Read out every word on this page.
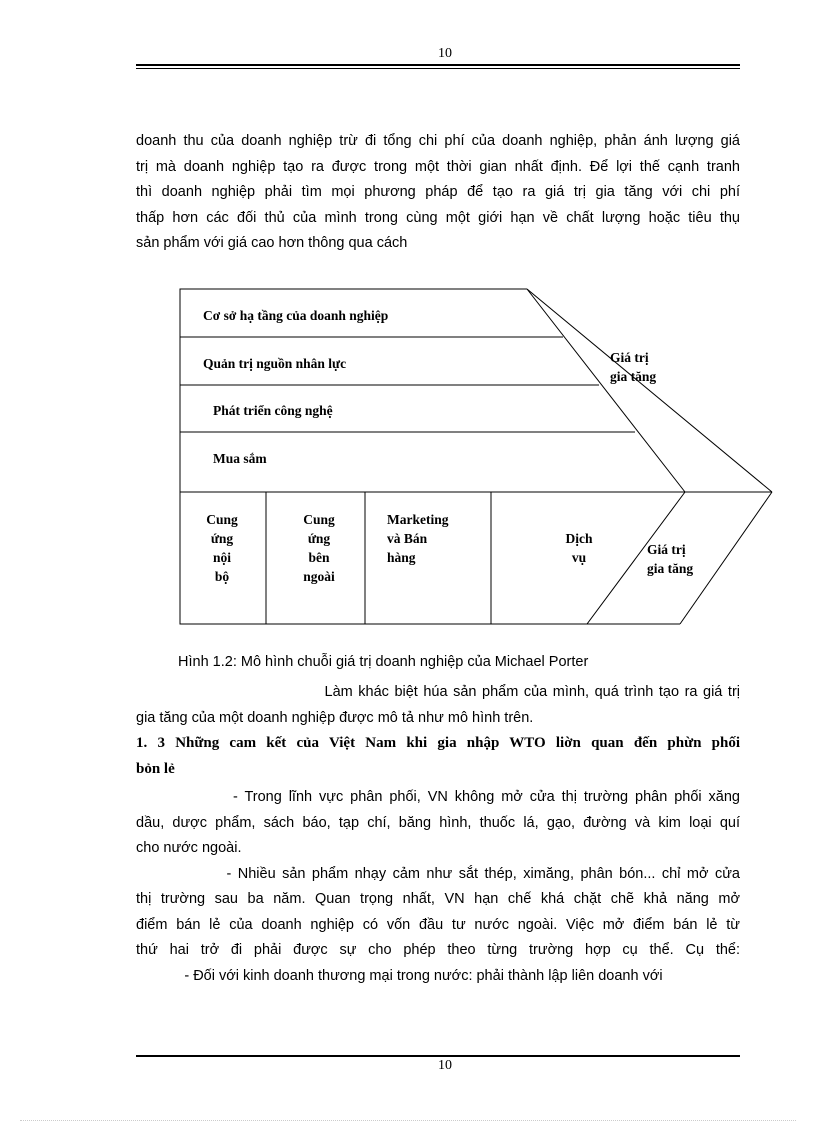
10
doanh thu của doanh nghiệp trừ đi tổng chi phí của doanh nghiệp, phản ánh lượng giá
trị mà doanh nghiệp tạo ra được trong một thời gian nhất định. Để lợi thế cạnh tranh
thì doanh nghiệp phải tìm mọi phương pháp để tạo ra giá trị gia tăng với chi phí
thấp hơn các đối thủ của mình trong cùng một giới hạn về chất lượng hoặc tiêu thụ
sản phẩm với giá cao hơn thông qua cách
Cơ sở hạ tầng của doanh nghiệp
Quản trị nguồn nhân lực
Phát triển công nghệ
Mua sắm
Giá trị
gia tăng
Cung
ứng
nội
bộ
Cung
ứng
bên
ngoài
Dịch
vụ
Marketing
và Bán
hàng
Giá trị
gia tăng
Hình 1.2: Mô hình chuỗi giá trị doanh nghiệp của Michael Porter
Làm khác biệt húa sản phẩm của mình, quá trình tạo ra giá trị
gia tăng của một doanh nghiệp được mô tả như mô hình trên.
1. 3 Những cam kết của Việt Nam khi gia nhập WTO liờn quan đến phừn phối
bỏn lẻ
- Trong lĩnh vực phân phối, VN không mở cửa thị trường phân phối xăng
dầu, dược phẩm, sách báo, tạp chí, băng hình, thuốc lá, gạo, đường và kim loại quí
cho nước ngoài.
- Nhiều sản phẩm nhạy cảm như sắt thép, ximăng, phân bón... chỉ mở cửa
thị trường sau ba năm. Quan trọng nhất, VN hạn chế khá chặt chẽ khả năng mở
điểm bán lẻ của doanh nghiệp có vốn đầu tư nước ngoài. Việc mở điểm bán lẻ từ
thứ hai trở đi phải được sự cho phép theo từng trường hợp cụ thể. Cụ thể:
- Đối với kinh doanh thương mại trong nước: phải thành lập liên doanh với
10
